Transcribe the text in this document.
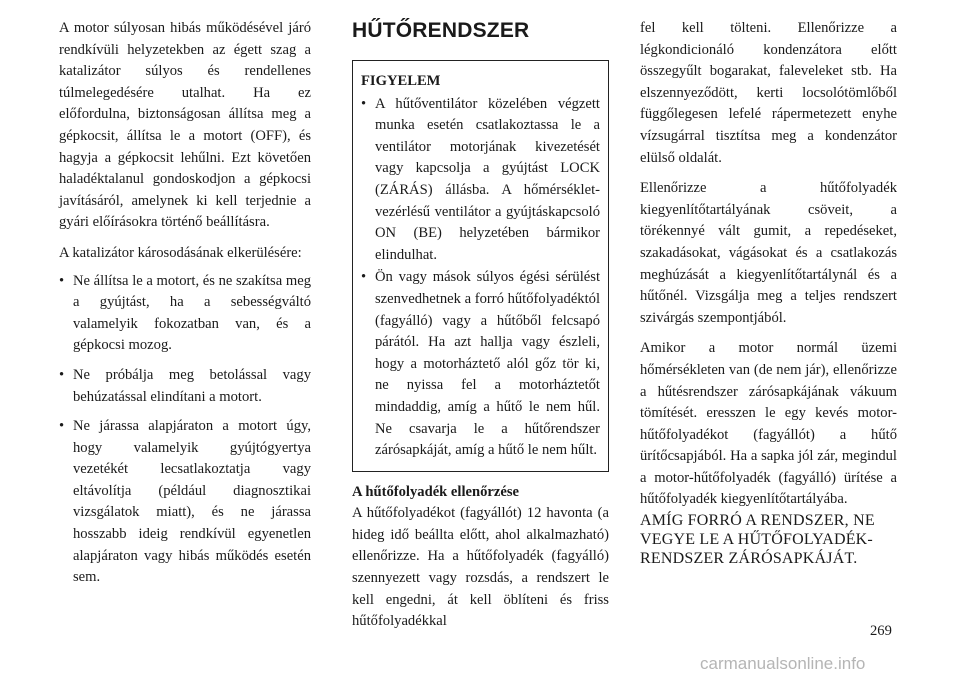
A motor súlyosan hibás működésével járó rendkívüli helyzetekben az égett szag a katalizátor súlyos és rendellenes túlmelegedésére utalhat. Ha ez előfordulna, biztonságosan állítsa meg a gépkocsit, állítsa le a motort (OFF), és hagyja a gépkocsit lehűlni. Ezt követően haladéktalanul gondoskodjon a gépkocsi javításáról, amelynek ki kell terjednie a gyári előírásokra történő beállításra.

A katalizátor károsodásának elkerülésére:

• Ne állítsa le a motort, és ne szakítsa meg a gyújtást, ha a sebességváltó valamelyik fokozatban van, és a gépkocsi mozog.
• Ne próbálja meg betolással vagy behúzatással elindítani a motort.
• Ne járassa alapjáraton a motort úgy, hogy valamelyik gyújtógyertya vezetékét lecsatlakoztatja vagy eltávolítja (például diagnosztikai vizsgálatok miatt), és ne járassa hosszabb ideig rendkívül egyenetlen alapjáraton vagy hibás működés esetén sem.
HŰTŐRENDSZER
FIGYELEM
• A hűtőventilátor közelében végzett munka esetén csatlakoztassa le a ventilátor motorjának kivezetését vagy kapcsolja a gyújtást LOCK (ZÁRÁS) állásba. A hőmérséklet-vezérlésű ventilátor a gyújtáskapcsoló ON (BE) helyzetében bármikor elindulhat.
• Ön vagy mások súlyos égési sérülést szenvedhetnek a forró hűtőfolyadéktól (fagyálló) vagy a hűtőből felcsapó párától. Ha azt hallja vagy észleli, hogy a motorháztető alól gőz tör ki, ne nyissa fel a motorháztetőt mindaddig, amíg a hűtő le nem hűl. Ne csavarja le a hűtőrendszer zárósapkáját, amíg a hűtő le nem hűlt.

A hűtőfolyadék ellenőrzése

A hűtőfolyadékot (fagyállót) 12 havonta (a hideg idő beállta előtt, ahol alkalmazható) ellenőrizze. Ha a hűtőfolyadék (fagyálló) szennyezett vagy rozsdás, a rendszert le kell engedni, át kell öblíteni és friss hűtőfolyadékkal

fel kell tölteni. Ellenőrizze a légkondicionáló kondenzátora előtt összegyűlt bogarakat, faleveleket stb. Ha elszennyeződött, kerti locsolótömlőből függőlegesen lefelé rápermetezett enyhe vízsugárral tisztítsa meg a kondenzátor elülső oldalát.

Ellenőrizze a hűtőfolyadék kiegyenlítőtartályának csöveit, a törékennyé vált gumit, a repedéseket, szakadásokat, vágásokat és a csatlakozás meghúzását a kiegyenlítőtartálynál és a hűtőnél. Vizsgálja meg a teljes rendszert szivárgás szempontjából.

Amikor a motor normál üzemi hőmérsékleten van (de nem jár), ellenőrizze a hűtésrendszer zárósapkájának vákuum tömítését. eresszen le egy kevés motor-hűtőfolyadékot (fagyállót) a hűtő ürítőcsapjából. Ha a sapka jól zár, megindul a motor-hűtőfolyadék (fagyálló) ürítése a hűtőfolyadék kiegyenlítőtartályába.

AMÍG FORRÓ A RENDSZER, NE VEGYE LE A HŰTŐFOLYADÉK-RENDSZER ZÁRÓSAPKÁJÁT.

269
carmanualsonline.info
